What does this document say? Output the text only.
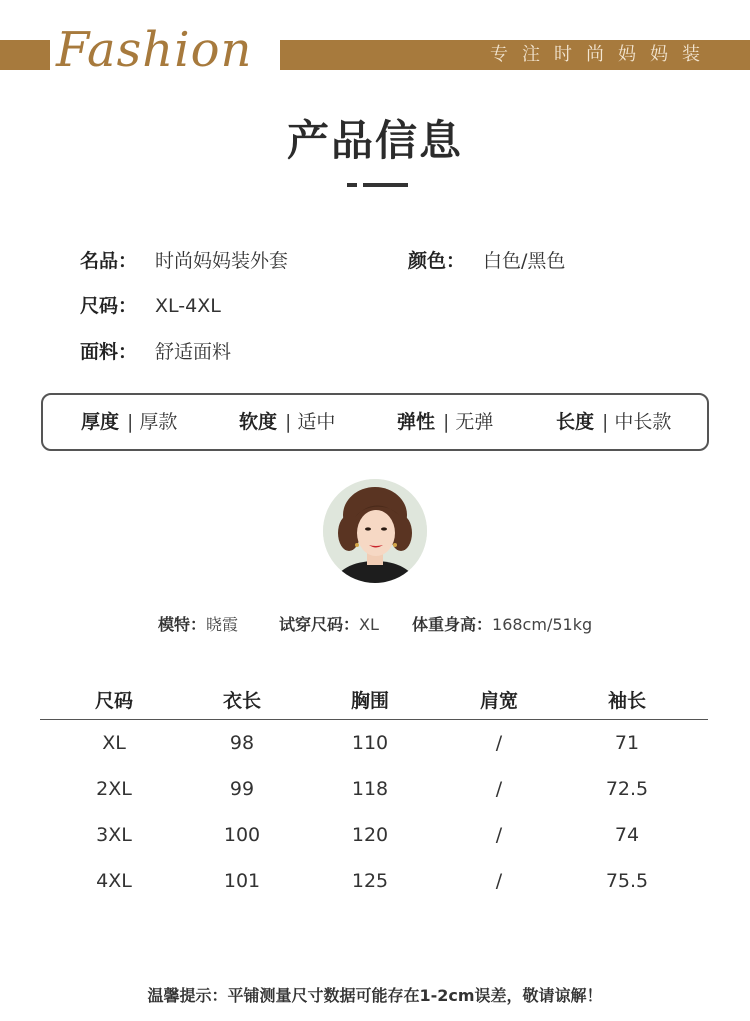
Fashion	专注时尚妈妈装
产品信息
名品： 时尚妈妈装外套	颜色： 白色/黑色
尺码： XL-4XL
面料： 舒适面料
厚度 | 厚款	软度 | 适中	弹性 | 无弹	长度 | 中长款
模特：晓霞	试穿尺码：XL 体重身高：168cm/51kg
尺码	衣长	胸围	肩宽	袖长
XL	98	110	/	71
2XL	99	118	/	72.5
3XL	100	120	/	74
4XL	101	125	/	75.5
温馨提示：平铺测量尺寸数据可能存在1-2cm误差，敬请谅解！
